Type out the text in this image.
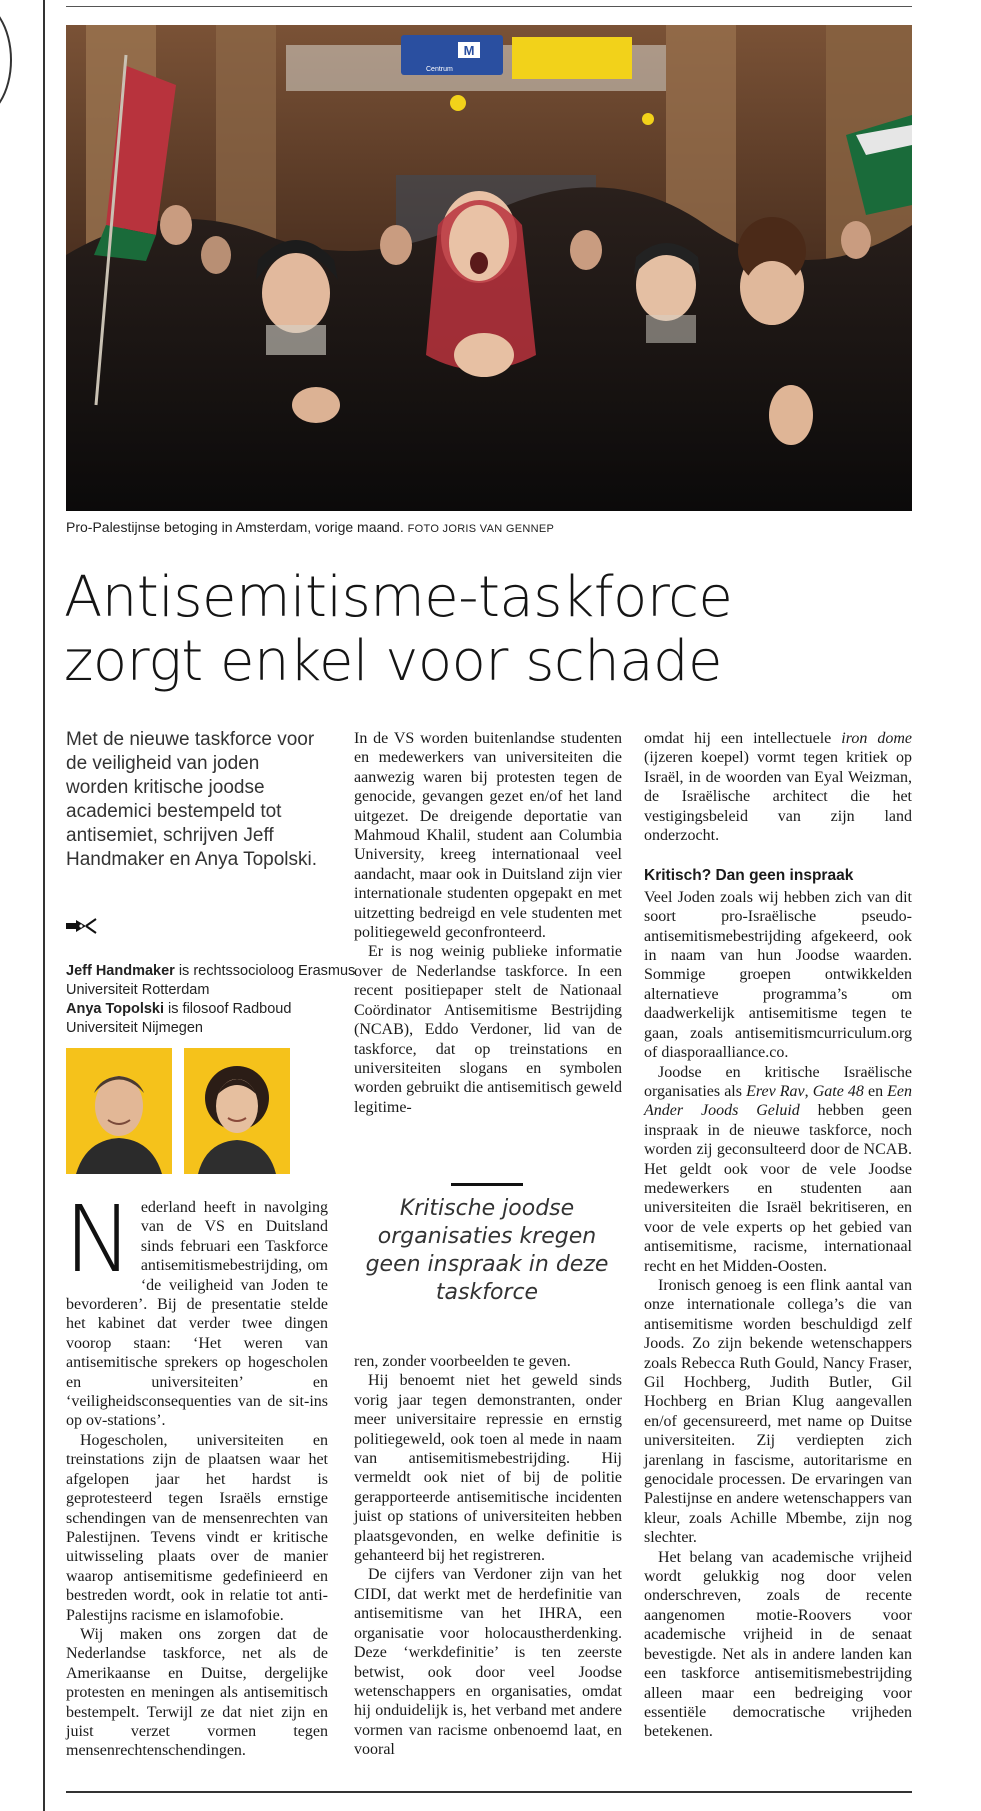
M
Centrum
Pro-Palestijnse betoging in Amsterdam, vorige maand. FOTO JORIS VAN GENNEP
Antisemitisme-taskforce
zorgt enkel voor schade
Met de nieuwe taskforce voor de veiligheid van joden worden kritische joodse academici bestempeld tot antisemiet, schrijven Jeff Handmaker en Anya Topolski.
Jeff Handmaker is rechtssocioloog Erasmus Universiteit Rotterdam
Anya Topolski is filosoof Radboud Universiteit Nijmegen

Nederland heeft in navolging van de VS en Duitsland sinds februari een Taskforce antisemitismebestrijding, om ‘de veiligheid van Joden te bevorderen’. Bij de presentatie stelde het kabinet dat verder twee dingen voorop staan: ‘Het weren van antisemitische sprekers op hogescholen en universiteiten’ en ‘veiligheidsconsequenties van de sit-ins op ov-stations’.

Hogescholen, universiteiten en treinstations zijn de plaatsen waar het afgelopen jaar het hardst is geprotesteerd tegen Israëls ernstige schendingen van de mensenrechten van Palestijnen. Tevens vindt er kritische uitwisseling plaats over de manier waarop antisemitisme gedefinieerd en bestreden wordt, ook in relatie tot anti-Palestijns racisme en islamofobie.

Wij maken ons zorgen dat de Nederlandse taskforce, net als de Amerikaanse en Duitse, dergelijke protesten en meningen als antisemitisch bestempelt. Terwijl ze dat niet zijn en juist verzet vormen tegen mensenrechtenschendingen.

In de VS worden buitenlandse studenten en medewerkers van universiteiten die aanwezig waren bij protesten tegen de genocide, gevangen gezet en/of het land uitgezet. De dreigende deportatie van Mahmoud Khalil, student aan Columbia University, kreeg internationaal veel aandacht, maar ook in Duitsland zijn vier internationale studenten opgepakt en met uitzetting bedreigd en vele studenten met politiegeweld geconfronteerd.

Er is nog weinig publieke informatie over de Nederlandse taskforce. In een recent positiepaper stelt de Nationaal Coördinator Antisemitisme Bestrijding (NCAB), Eddo Verdoner, lid van de taskforce, dat op treinstations en universiteiten slogans en symbolen worden gebruikt die antisemitisch geweld legitime-

Kritische joodse organisaties kregen geen inspraak in deze taskforce

ren, zonder voorbeelden te geven.

Hij benoemt niet het geweld sinds vorig jaar tegen demonstranten, onder meer universitaire repressie en ernstig politiegeweld, ook toen al mede in naam van antisemitismebestrijding. Hij vermeldt ook niet of bij de politie gerapporteerde antisemitische incidenten juist op stations of universiteiten hebben plaatsgevonden, en welke definitie is gehanteerd bij het registreren.

De cijfers van Verdoner zijn van het CIDI, dat werkt met de herdefinitie van antisemitisme van het IHRA, een organisatie voor holocaustherdenking. Deze ‘werkdefinitie’ is ten zeerste betwist, ook door veel Joodse wetenschappers en organisaties, omdat hij onduidelijk is, het verband met andere vormen van racisme onbenoemd laat, en vooral

omdat hij een intellectuele iron dome (ijzeren koepel) vormt tegen kritiek op Israël, in de woorden van Eyal Weizman, de Israëlische architect die het vestigingsbeleid van zijn land onderzocht.

Kritisch? Dan geen inspraak

Veel Joden zoals wij hebben zich van dit soort pro-Israëlische pseudo-antisemitismebestrijding afgekeerd, ook in naam van hun Joodse waarden. Sommige groepen ontwikkelden alternatieve programma’s om daadwerkelijk antisemitisme tegen te gaan, zoals antisemitismcurriculum.org of diasporaalliance.co.

Joodse en kritische Israëlische organisaties als Erev Rav, Gate 48 en Een Ander Joods Geluid hebben geen inspraak in de nieuwe taskforce, noch worden zij geconsulteerd door de NCAB. Het geldt ook voor de vele Joodse medewerkers en studenten aan universiteiten die Israël bekritiseren, en voor de vele experts op het gebied van antisemitisme, racisme, internationaal recht en het Midden-Oosten.

Ironisch genoeg is een flink aantal van onze internationale collega’s die van antisemitisme worden beschuldigd zelf Joods. Zo zijn bekende wetenschappers zoals Rebecca Ruth Gould, Nancy Fraser, Gil Hochberg, Judith Butler, Gil Hochberg en Brian Klug aangevallen en/of gecensureerd, met name op Duitse universiteiten. Zij verdiepten zich jarenlang in fascisme, autoritarisme en genocidale processen. De ervaringen van Palestijnse en andere wetenschappers van kleur, zoals Achille Mbembe, zijn nog slechter.

Het belang van academische vrijheid wordt gelukkig nog door velen onderschreven, zoals de recente aangenomen motie-Roovers voor academische vrijheid in de senaat bevestigde. Net als in andere landen kan een taskforce antisemitismebestrijding alleen maar een bedreiging voor essentiële democratische vrijheden betekenen.
